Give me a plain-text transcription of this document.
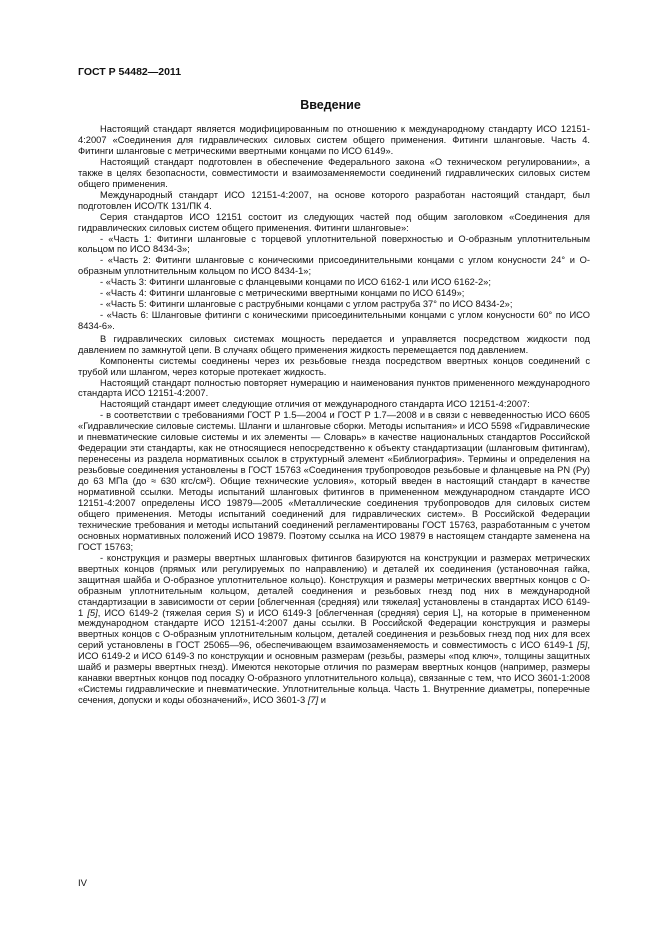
ГОСТ Р 54482—2011
Введение

Настоящий стандарт является модифицированным по отношению к международному стандарту ИСО 12151-4:2007 «Соединения для гидравлических силовых систем общего применения. Фитинги шланговые. Часть 4. Фитинги шланговые с метрическими ввертными концами по ИСО 6149».

Настоящий стандарт подготовлен в обеспечение Федерального закона «О техническом регулировании», а также в целях безопасности, совместимости и взаимозаменяемости соединений гидравлических силовых систем общего применения.

Международный стандарт ИСО 12151-4:2007, на основе которого разработан настоящий стандарт, был подготовлен ИСО/ТК 131/ПК 4.

Серия стандартов ИСО 12151 состоит из следующих частей под общим заголовком «Соединения для гидравлических силовых систем общего применения. Фитинги шланговые»:

- «Часть 1: Фитинги шланговые с торцевой уплотнительной поверхностью и О-образным уплотнительным кольцом по ИСО 8434-3»;

- «Часть 2: Фитинги шланговые с коническими присоединительными концами с углом конусности 24° и О-образным уплотнительным кольцом по ИСО 8434-1»;

- «Часть 3: Фитинги шланговые с фланцевыми концами по ИСО 6162-1 или ИСО 6162-2»;

- «Часть 4: Фитинги шланговые с метрическими ввертными концами по ИСО 6149»;

- «Часть 5: Фитинги шланговые с раструбными концами с углом раструба 37° по ИСО 8434-2»;

- «Часть 6: Шланговые фитинги с коническими присоединительными концами с углом конусности 60° по ИСО 8434-6».

В гидравлических силовых системах мощность передается и управляется посредством жидкости под давлением по замкнутой цепи. В случаях общего применения жидкость перемещается под давлением.

Компоненты системы соединены через их резьбовые гнезда посредством ввертных концов соединений с трубой или шлангом, через которые протекает жидкость.

Настоящий стандарт полностью повторяет нумерацию и наименования пунктов примененного международного стандарта ИСО 12151-4:2007.

Настоящий стандарт имеет следующие отличия от международного стандарта ИСО 12151-4:2007:

- в соответствии с требованиями ГОСТ Р 1.5—2004 и ГОСТ Р 1.7—2008 и в связи с невведенностью ИСО 6605 «Гидравлические силовые системы. Шланги и шланговые сборки. Методы испытания» и ИСО 5598 «Гидравлические и пневматические силовые системы и их элементы — Словарь» в качестве национальных стандартов Российской Федерации эти стандарты, как не относящиеся непосредственно к объекту стандартизации (шланговым фитингам), перенесены из раздела нормативных ссылок в структурный элемент «Библиография». Термины и определения на резьбовые соединения установлены в ГОСТ 15763 «Соединения трубопроводов резьбовые и фланцевые на PN (Ру) до 63 МПа (до ≈ 630 кгс/см²). Общие технические условия», который введен в настоящий стандарт в качестве нормативной ссылки. Методы испытаний шланговых фитингов в примененном международном стандарте ИСО 12151-4:2007 определены ИСО 19879—2005 «Металлические соединения трубопроводов для силовых систем общего применения. Методы испытаний соединений для гидравлических систем». В Российской Федерации технические требования и методы испытаний соединений регламентированы ГОСТ 15763, разработанным с учетом основных нормативных положений ИСО 19879. Поэтому ссылка на ИСО 19879 в настоящем стандарте заменена на ГОСТ 15763;

- конструкция и размеры ввертных шланговых фитингов базируются на конструкции и размерах метрических ввертных концов (прямых или регулируемых по направлению) и деталей их соединения (установочная гайка, защитная шайба и О-образное уплотнительное кольцо). Конструкция и размеры метрических ввертных концов с О-образным уплотнительным кольцом, деталей соединения и резьбовых гнезд под них в международной стандартизации в зависимости от серии [облегченная (средняя) или тяжелая] установлены в стандартах ИСО 6149-1 [5], ИСО 6149-2 (тяжелая серия S) и ИСО 6149-3 [облегченная (средняя) серия L], на которые в примененном международном стандарте ИСО 12151-4:2007 даны ссылки. В Российской Федерации конструкция и размеры ввертных концов с О-образным уплотнительным кольцом, деталей соединения и резьбовых гнезд под них для всех серий установлены в ГОСТ 25065—96, обеспечивающем взаимозаменяемость и совместимость с ИСО 6149-1 [5], ИСО 6149-2 и ИСО 6149-3 по конструкции и основным размерам (резьбы, размеры «под ключ», толщины защитных шайб и размеры ввертных гнезд). Имеются некоторые отличия по размерам ввертных концов (например, размеры канавки ввертных концов под посадку О-образного уплотнительного кольца), связанные с тем, что ИСО 3601-1:2008 «Системы гидравлические и пневматические. Уплотнительные кольца. Часть 1. Внутренние диаметры, поперечные сечения, допуски и коды обозначений», ИСО 3601-3 [7] и

IV
